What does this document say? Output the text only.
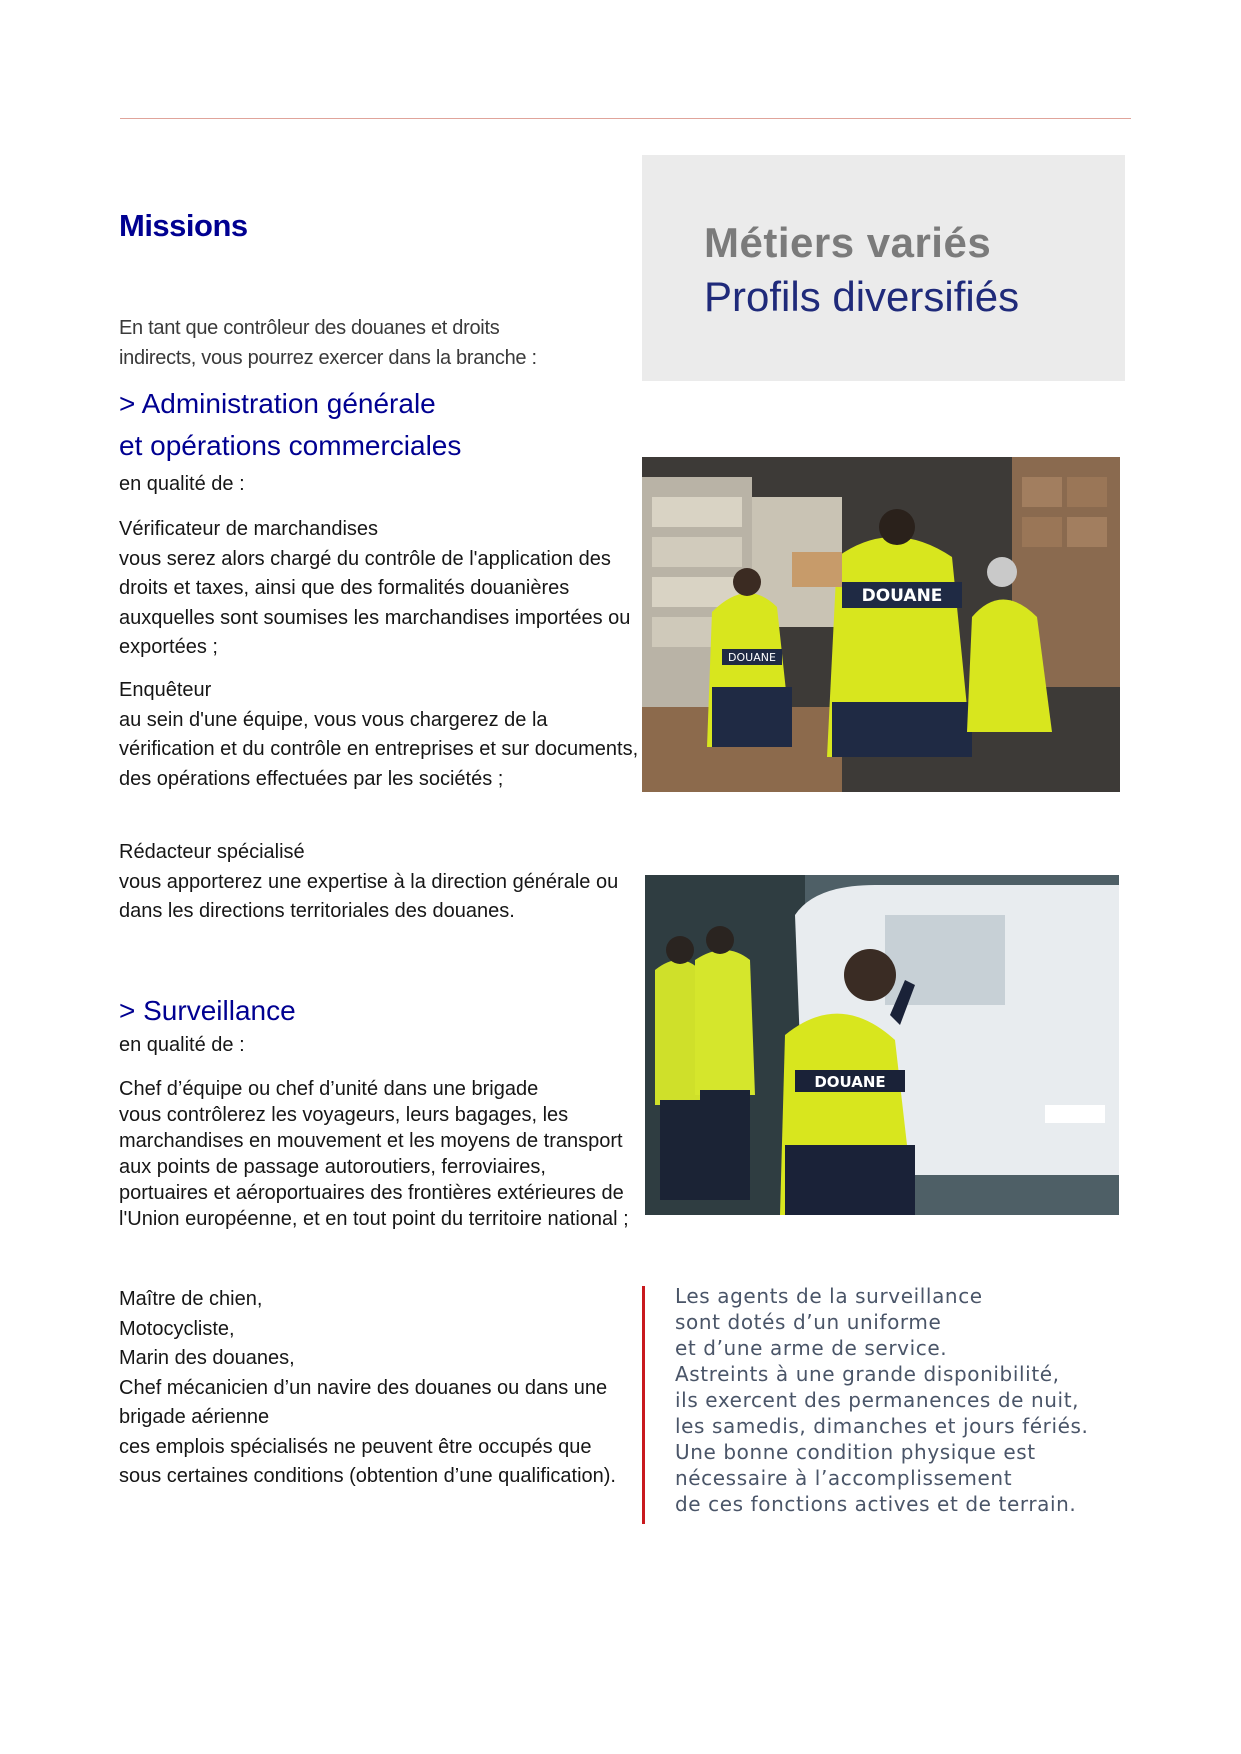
Missions
En tant que contrôleur des douanes et droits
indirects, vous pourrez exercer dans la branche :
> Administration générale
et opérations commerciales
en qualité de :
Vérificateur de marchandises
vous serez alors chargé du contrôle de l'application des droits et taxes, ainsi que des formalités douanières auxquelles sont soumises les marchandises importées ou exportées ;
Enquêteur
au sein d'une équipe, vous vous chargerez de la vérification et du contrôle en entreprises et sur documents, des opérations effectuées par les sociétés ;
Rédacteur spécialisé
vous apporterez une expertise à la direction générale ou dans les directions territoriales des douanes.
> Surveillance
en qualité de :
Chef d’équipe ou chef d’unité dans une brigade
vous contrôlerez les voyageurs, leurs bagages, les marchandises en mouvement et les moyens de transport aux points de passage autoroutiers, ferroviaires, portuaires et aéroportuaires des frontières extérieures de l'Union européenne, et en tout point du territoire national ;
Maître de chien,
Motocycliste,
Marin des douanes,
Chef mécanicien d’un navire des douanes ou dans une brigade aérienne
ces emplois spécialisés ne peuvent être occupés que sous certaines conditions (obtention d’une qualification).
Métiers variés
Profils diversifiés
DOUANE
DOUANE
DOUANE
Les agents de la surveillance
sont dotés d’un uniforme
et d’une arme de service.
Astreints à une grande disponibilité,
ils exercent des permanences de nuit,
les samedis, dimanches et jours fériés.
Une bonne condition physique est
nécessaire à l’accomplissement
de ces fonctions actives et de terrain.
